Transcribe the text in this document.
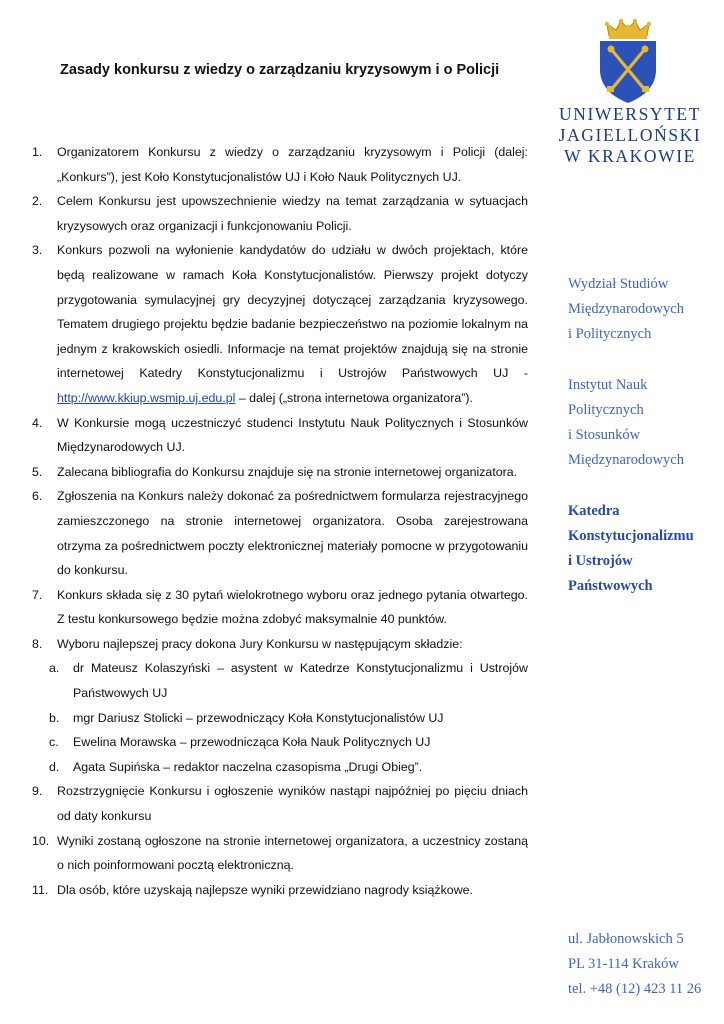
Zasady konkursu z wiedzy o zarządzaniu kryzysowym i o Policji
UNIWERSYTET
JAGIELLOŃSKI
W KRAKOWIE
Wydział Studiów
Międzynarodowych
i Politycznych
Instytut Nauk
Politycznych
i Stosunków
Międzynarodowych
Katedra
Konstytucjonalizmu
i Ustrojów
Państwowych
ul. Jabłonowskich 5
PL 31-114 Kraków
tel. +48 (12) 423 11 26
1. Organizatorem Konkursu z wiedzy o zarządzaniu kryzysowym i Policji (dalej: „Konkurs”), jest Koło Konstytucjonalistów UJ i Koło Nauk Politycznych UJ.
2. Celem Konkursu jest upowszechnienie wiedzy na temat zarządzania w sytuacjach kryzysowych oraz organizacji i funkcjonowaniu Policji.
3. Konkurs pozwoli na wyłonienie kandydatów do udziału w dwóch projektach, które będą realizowane w ramach Koła Konstytucjonalistów. Pierwszy projekt dotyczy przygotowania symulacyjnej gry decyzyjnej dotyczącej zarządzania kryzysowego. Tematem drugiego projektu będzie badanie bezpieczeństwo na poziomie lokalnym na jednym z krakowskich osiedli. Informacje na temat projektów znajdują się na stronie internetowej Katedry Konstytucjonalizmu i Ustrojów Państwowych UJ - http://www.kkiup.wsmip.uj.edu.pl – dalej („strona internetowa organizatora”).
4. W Konkursie mogą uczestniczyć studenci Instytutu Nauk Politycznych i Stosunków Międzynarodowych UJ.
5. Zalecana bibliografia do Konkursu znajduje się na stronie internetowej organizatora.
6. Zgłoszenia na Konkurs należy dokonać za pośrednictwem formularza rejestracyjnego zamieszczonego na stronie internetowej organizatora. Osoba zarejestrowana otrzyma za pośrednictwem poczty elektronicznej materiały pomocne w przygotowaniu do konkursu.
7. Konkurs składa się z 30 pytań wielokrotnego wyboru oraz jednego pytania otwartego. Z testu konkursowego będzie można zdobyć maksymalnie 40 punktów.
8. Wyboru najlepszej pracy dokona Jury Konkursu w następującym składzie:
a. dr Mateusz Kolaszyński – asystent w Katedrze Konstytucjonalizmu i Ustrojów Państwowych UJ
b. mgr Dariusz Stolicki – przewodniczący Koła Konstytucjonalistów UJ
c. Ewelina Morawska – przewodnicząca Koła Nauk Politycznych UJ
d. Agata Supińska – redaktor naczelna czasopisma „Drugi Obieg”.
9. Rozstrzygnięcie Konkursu i ogłoszenie wyników nastąpi najpóźniej po pięciu dniach od daty konkursu
10. Wyniki zostaną ogłoszone na stronie internetowej organizatora, a uczestnicy zostaną o nich poinformowani pocztą elektroniczną.
11. Dla osób, które uzyskają najlepsze wyniki przewidziano nagrody książkowe.
